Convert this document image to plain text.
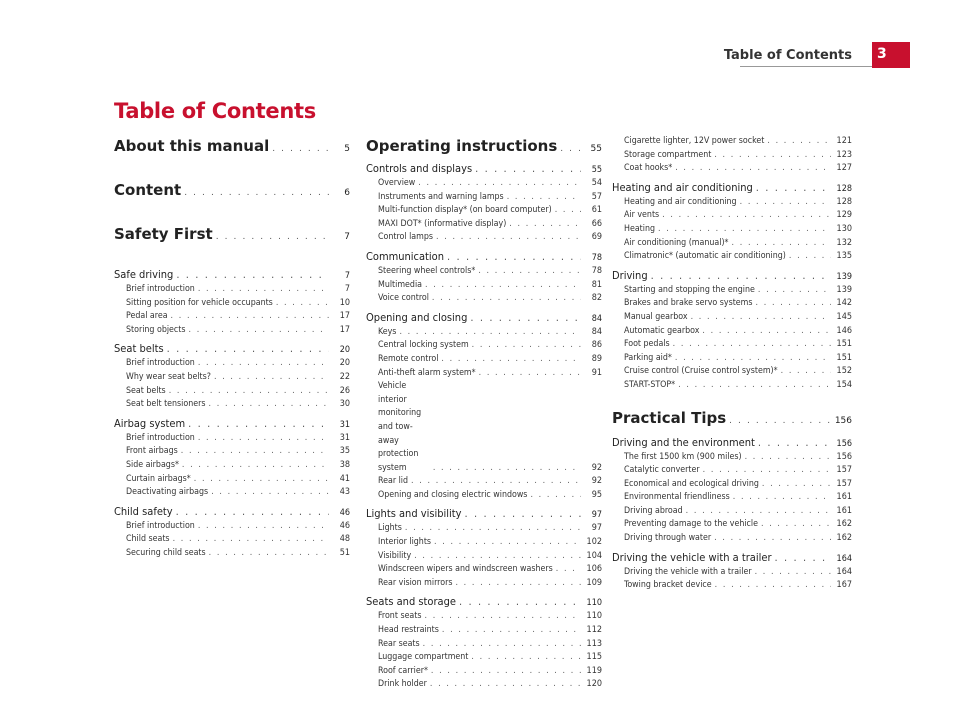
Table of Contents	3
Table of Contents
About this manual . . .	5
Content . . .	6
Safety First . . .	7
Safe driving . . .	7
Brief introduction . . .	7
Sitting position for vehicle occupants . . .	10
Pedal area . . .	17
Storing objects . . .	17
Seat belts . . .	20
Brief introduction . . .	20
Why wear seat belts? . . .	22
Seat belts . . .	26
Seat belt tensioners . . .	30
Airbag system . . .	31
Brief introduction . . .	31
Front airbags . . .	35
Side airbags* . . .	38
Curtain airbags* . . .	41
Deactivating airbags . . .	43
Child safety . . .	46
Brief introduction . . .	46
Child seats . . .	48
Securing child seats . . .	51
Operating instructions . . .	55
Controls and displays . . .	55
Overview . . .	54
Instruments and warning lamps . . .	57
Multi-function display* (on board computer) . . .	61
MAXI DOT* (informative display) . . .	66
Control lamps . . .	69
Communication . . .	78
Steering wheel controls* . . .	78
Multimedia . . .	81
Voice control . . .	82
Opening and closing . . .	84
Keys . . .	84
Central locking system . . .	86
Remote control . . .	89
Anti-theft alarm system* . . .	91
Vehicle interior monitoring and tow-away protection system . . .	92
Rear lid . . .	92
Opening and closing electric windows . . .	95
Lights and visibility . . .	97
Lights . . .	97
Interior lights . . .	102
Visibility . . .	104
Windscreen wipers and windscreen washers . . .	106
Rear vision mirrors . . .	109
Seats and storage . . .	110
Front seats . . .	110
Head restraints . . .	112
Rear seats . . .	113
Luggage compartment . . .	115
Roof carrier* . . .	119
Drink holder . . .	120
Cigarette lighter, 12V power socket . . .	121
Storage compartment . . .	123
Coat hooks* . . .	127
Heating and air conditioning . . .	128
Heating and air conditioning . . .	128
Air vents . . .	129
Heating . . .	130
Air conditioning (manual)* . . .	132
Climatronic* (automatic air conditioning) . . .	135
Driving . . .	139
Starting and stopping the engine . . .	139
Brakes and brake servo systems . . .	142
Manual gearbox . . .	145
Automatic gearbox . . .	146
Foot pedals . . .	151
Parking aid* . . .	151
Cruise control (Cruise control system)* . . .	152
START-STOP* . . .	154
Practical Tips . . .	156
Driving and the environment . . .	156
The first 1500 km (900 miles) . . .	156
Catalytic converter . . .	157
Economical and ecological driving . . .	157
Environmental friendliness . . .	161
Driving abroad . . .	161
Preventing damage to the vehicle . . .	162
Driving through water . . .	162
Driving the vehicle with a trailer . . .	164
Driving the vehicle with a trailer . . .	164
Towing bracket device . . .	167
